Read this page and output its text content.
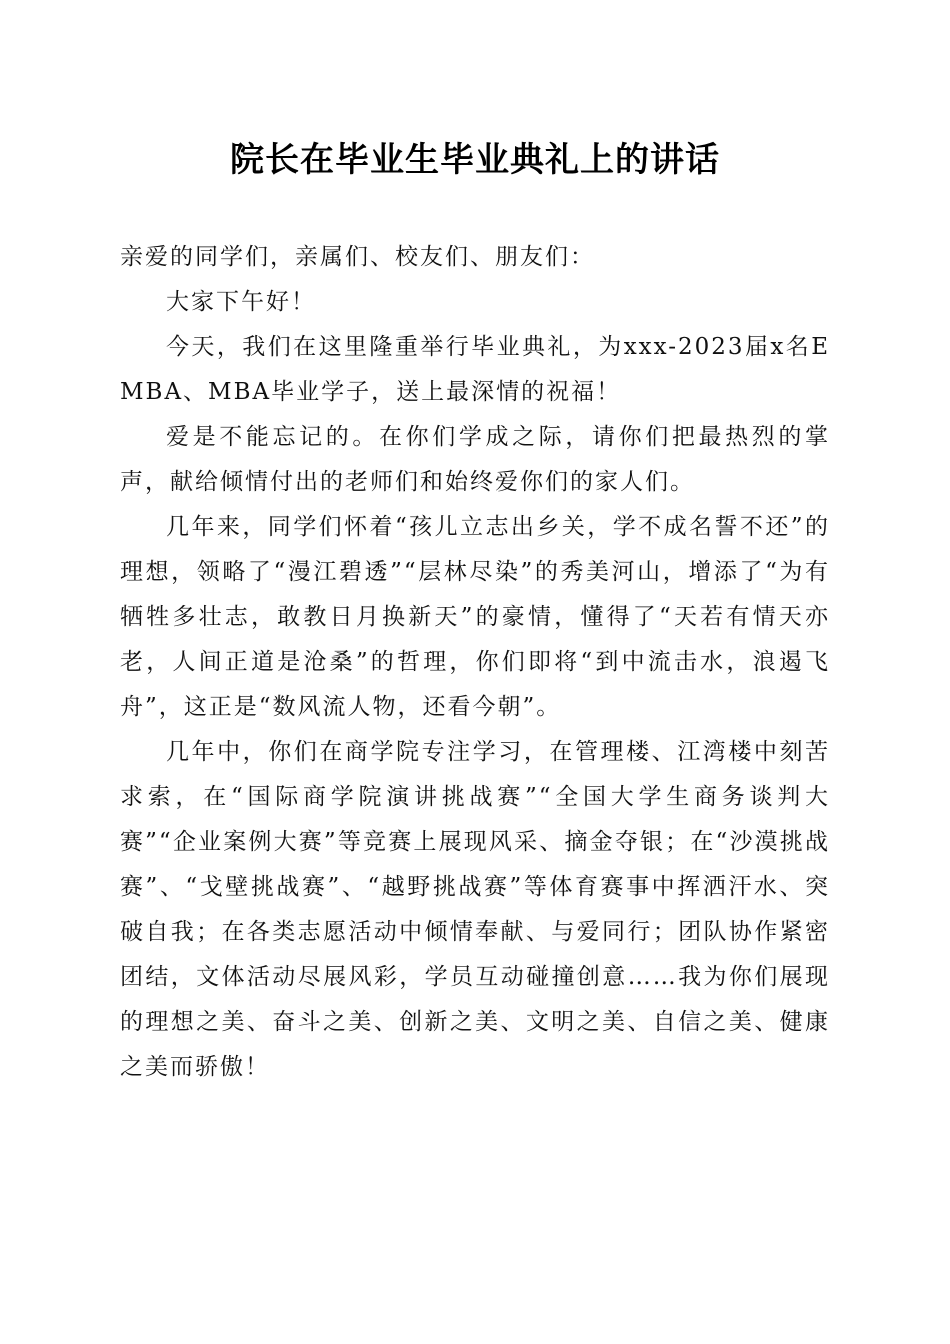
院长在毕业生毕业典礼上的讲话

亲爱的同学们，亲属们、校友们、朋友们：

大家下午好！

今天，我们在这里隆重举行毕业典礼，为xxx-2023届x名EMBA、MBA毕业学子，送上最深情的祝福！

爱是不能忘记的。在你们学成之际，请你们把最热烈的掌声，献给倾情付出的老师们和始终爱你们的家人们。

几年来，同学们怀着“孩儿立志出乡关，学不成名誓不还”的理想，领略了“漫江碧透”“层林尽染”的秀美河山，增添了“为有牺牲多壮志，敢教日月换新天”的豪情，懂得了“天若有情天亦老，人间正道是沧桑”的哲理，你们即将“到中流击水，浪遏飞舟”，这正是“数风流人物，还看今朝”。

几年中，你们在商学院专注学习，在管理楼、江湾楼中刻苦求索，在“国际商学院演讲挑战赛”“全国大学生商务谈判大赛”“企业案例大赛”等竞赛上展现风采、摘金夺银；在“沙漠挑战赛”、“戈壁挑战赛”、“越野挑战赛”等体育赛事中挥洒汗水、突破自我；在各类志愿活动中倾情奉献、与爱同行；团队协作紧密团结，文体活动尽展风彩，学员互动碰撞创意……我为你们展现的理想之美、奋斗之美、创新之美、文明之美、自信之美、健康之美而骄傲！
